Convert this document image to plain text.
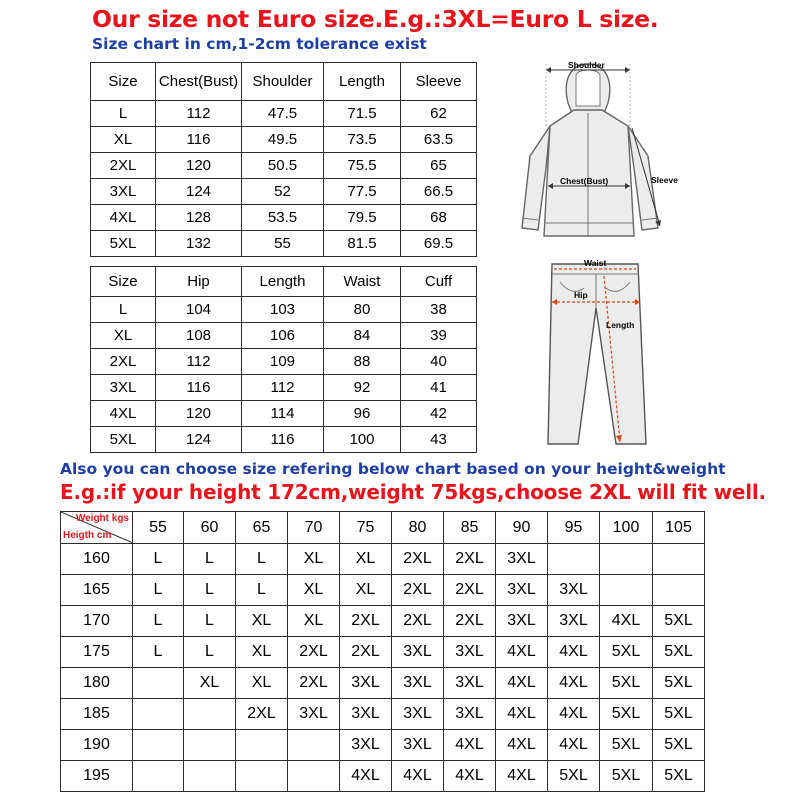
Our size not Euro size.E.g.:3XL=Euro L size.
Size chart in cm,1-2cm tolerance exist
Size	Chest(Bust)	Shoulder	Length	Sleeve
L	112	47.5	71.5	62
XL	116	49.5	73.5	63.5
2XL	120	50.5	75.5	65
3XL	124	52	77.5	66.5
4XL	128	53.5	79.5	68
5XL	132	55	81.5	69.5
Size	Hip	Length	Waist	Cuff
L	104	103	80	38
XL	108	106	84	39
2XL	112	109	88	40
3XL	116	112	92	41
4XL	120	114	96	42
5XL	124	116	100	43
Shoulder
Chest(Bust)	Sleeve
Waist
Hip
Length
Also you can choose size refering below chart based on your height&weight
E.g.:if your height 172cm,weight 75kgs,choose 2XL will fit well.
Weight kgs
Heigth cm	55	60	65	70	75	80	85	90	95	100	105
160	L	L	L	XL	XL	2XL	2XL	3XL			
165	L	L	L	XL	XL	2XL	2XL	3XL	3XL		
170	L	L	XL	XL	2XL	2XL	2XL	3XL	3XL	4XL	5XL
175	L	L	XL	2XL	2XL	3XL	3XL	4XL	4XL	5XL	5XL
180		XL	XL	2XL	3XL	3XL	3XL	4XL	4XL	5XL	5XL
185			2XL	3XL	3XL	3XL	3XL	4XL	4XL	5XL	5XL
190					3XL	3XL	4XL	4XL	4XL	5XL	5XL
195					4XL	4XL	4XL	4XL	5XL	5XL	5XL
